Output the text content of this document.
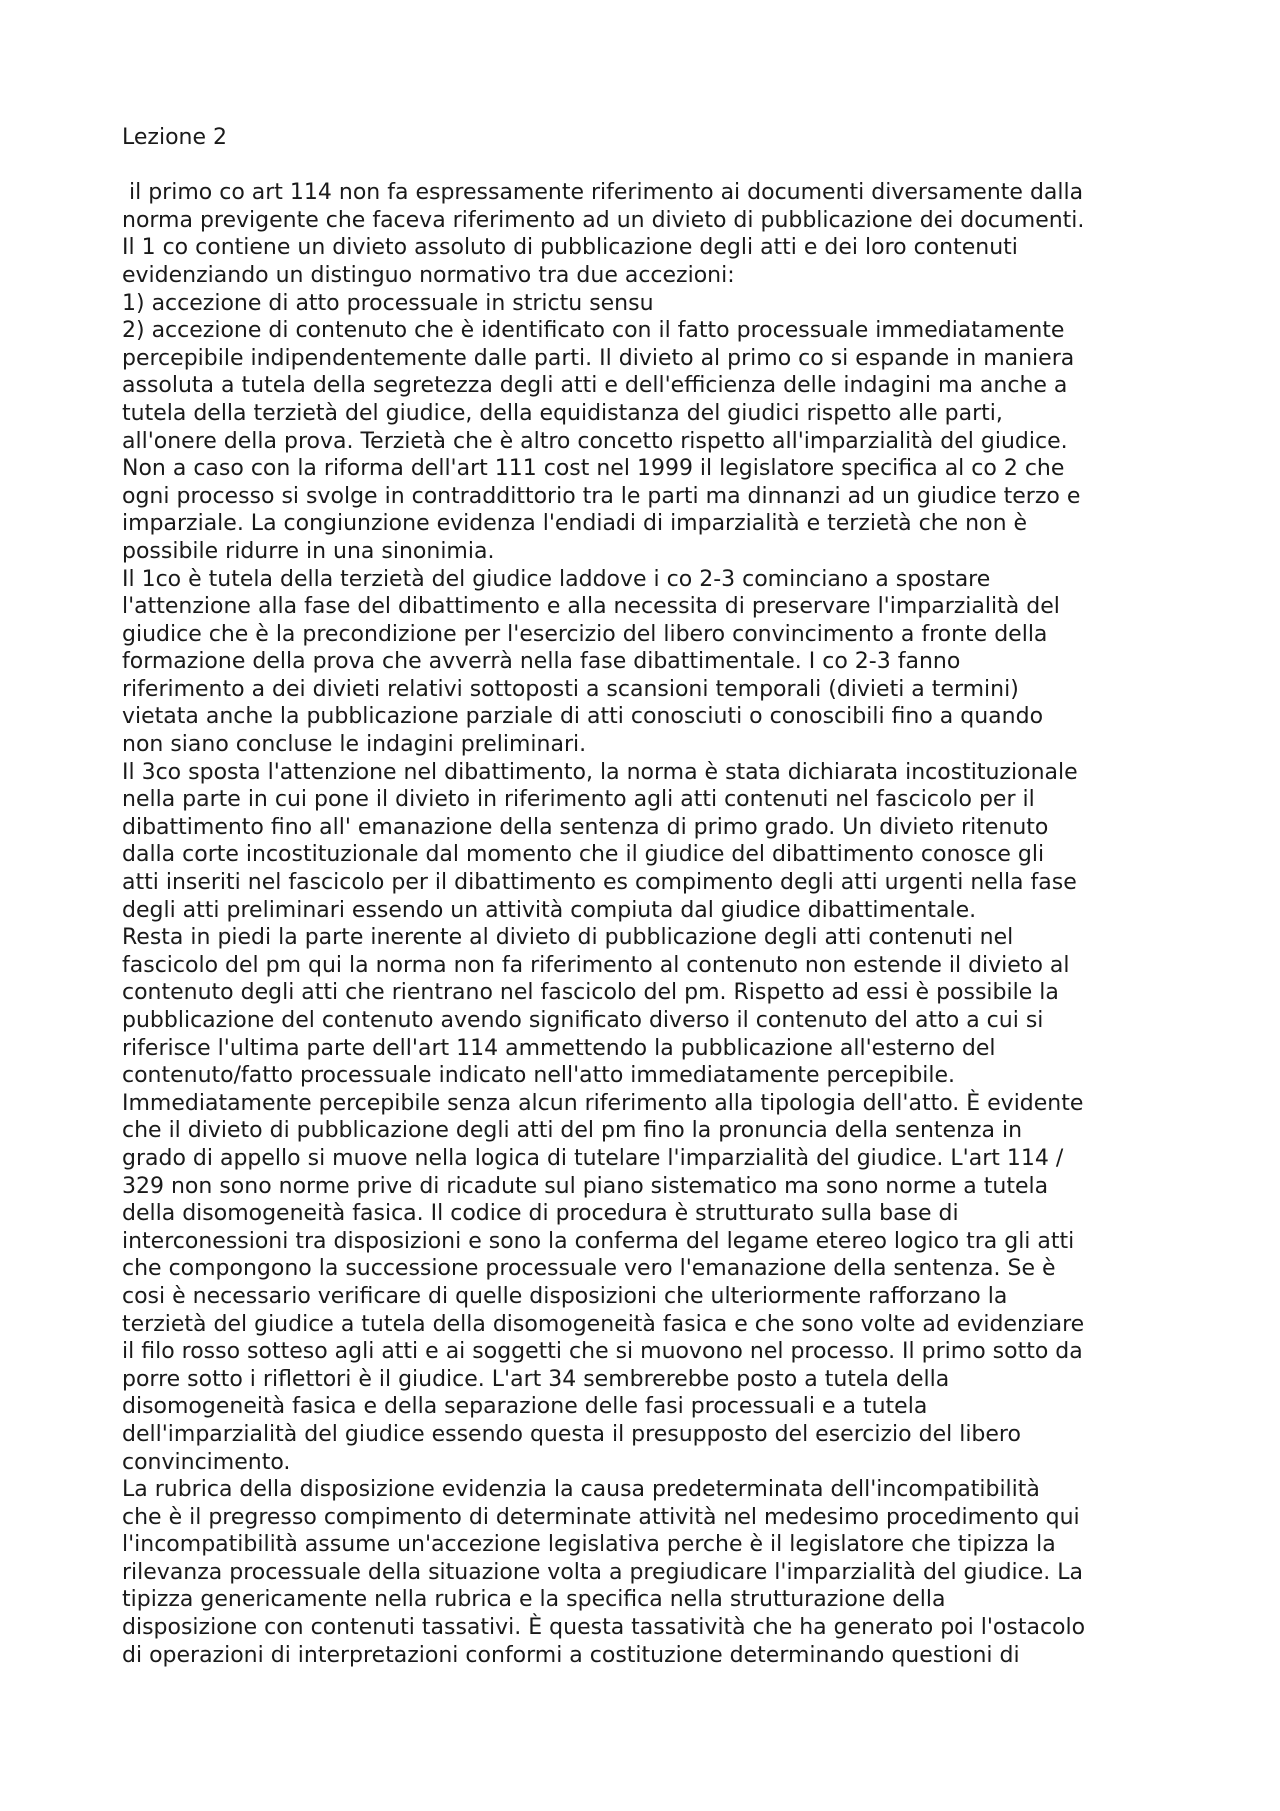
Lezione 2
il primo co art 114 non fa espressamente riferimento ai documenti diversamente dalla
norma previgente che faceva riferimento ad un divieto di pubblicazione dei documenti.
Il 1 co contiene un divieto assoluto di pubblicazione degli atti e dei loro contenuti
evidenziando un distinguo normativo tra due accezioni:
1) accezione di atto processuale in strictu sensu
2) accezione di contenuto che è identificato con il fatto processuale immediatamente
percepibile indipendentemente dalle parti. Il divieto al primo co si espande in maniera
assoluta a tutela della segretezza degli atti e dell'efficienza delle indagini ma anche a
tutela della terzietà del giudice, della equidistanza del giudici rispetto alle parti,
all'onere della prova. Terzietà che è altro concetto rispetto all'imparzialità del giudice.
Non a caso con la riforma dell'art 111 cost nel 1999 il legislatore specifica al co 2 che
ogni processo si svolge in contraddittorio tra le parti ma dinnanzi ad un giudice terzo e
imparziale. La congiunzione evidenza l'endiadi di imparzialità e terzietà che non è
possibile ridurre in una sinonimia.
Il 1co è tutela della terzietà del giudice laddove i co 2-3 cominciano a spostare
l'attenzione alla fase del dibattimento e alla necessita di preservare l'imparzialità del
giudice che è la precondizione per l'esercizio del libero convincimento a fronte della
formazione della prova che avverrà nella fase dibattimentale. I co 2-3 fanno
riferimento a dei divieti relativi sottoposti a scansioni temporali (divieti a termini)
vietata anche la pubblicazione parziale di atti conosciuti o conoscibili fino a quando
non siano concluse le indagini preliminari.
Il 3co sposta l'attenzione nel dibattimento, la norma è stata dichiarata incostituzionale
nella parte in cui pone il divieto in riferimento agli atti contenuti nel fascicolo per il
dibattimento fino all' emanazione della sentenza di primo grado. Un divieto ritenuto
dalla corte incostituzionale dal momento che il giudice del dibattimento conosce gli
atti inseriti nel fascicolo per il dibattimento es compimento degli atti urgenti nella fase
degli atti preliminari essendo un attività compiuta dal giudice dibattimentale.
Resta in piedi la parte inerente al divieto di pubblicazione degli atti contenuti nel
fascicolo del pm qui la norma non fa riferimento al contenuto non estende il divieto al
contenuto degli atti che rientrano nel fascicolo del pm. Rispetto ad essi è possibile la
pubblicazione del contenuto avendo significato diverso il contenuto del atto a cui si
riferisce l'ultima parte dell'art 114 ammettendo la pubblicazione all'esterno del
contenuto/fatto processuale indicato nell'atto immediatamente percepibile.
Immediatamente percepibile senza alcun riferimento alla tipologia dell'atto. È evidente
che il divieto di pubblicazione degli atti del pm fino la pronuncia della sentenza in
grado di appello si muove nella logica di tutelare l'imparzialità del giudice. L'art 114 /
329 non sono norme prive di ricadute sul piano sistematico ma sono norme a tutela
della disomogeneità fasica. Il codice di procedura è strutturato sulla base di
interconessioni tra disposizioni e sono la conferma del legame etereo logico tra gli atti
che compongono la successione processuale vero l'emanazione della sentenza. Se è
cosi è necessario verificare di quelle disposizioni che ulteriormente rafforzano la
terzietà del giudice a tutela della disomogeneità fasica e che sono volte ad evidenziare
il filo rosso sotteso agli atti e ai soggetti che si muovono nel processo. Il primo sotto da
porre sotto i riflettori è il giudice. L'art 34 sembrerebbe posto a tutela della
disomogeneità fasica e della separazione delle fasi processuali e a tutela
dell'imparzialità del giudice essendo questa il presupposto del esercizio del libero
convincimento.
La rubrica della disposizione evidenzia la causa predeterminata dell'incompatibilità
che è il pregresso compimento di determinate attività nel medesimo procedimento qui
l'incompatibilità assume un'accezione legislativa perche è il legislatore che tipizza la
rilevanza processuale della situazione volta a pregiudicare l'imparzialità del giudice. La
tipizza genericamente nella rubrica e la specifica nella strutturazione della
disposizione con contenuti tassativi. È questa tassatività che ha generato poi l'ostacolo
di operazioni di interpretazioni conformi a costituzione determinando questioni di
